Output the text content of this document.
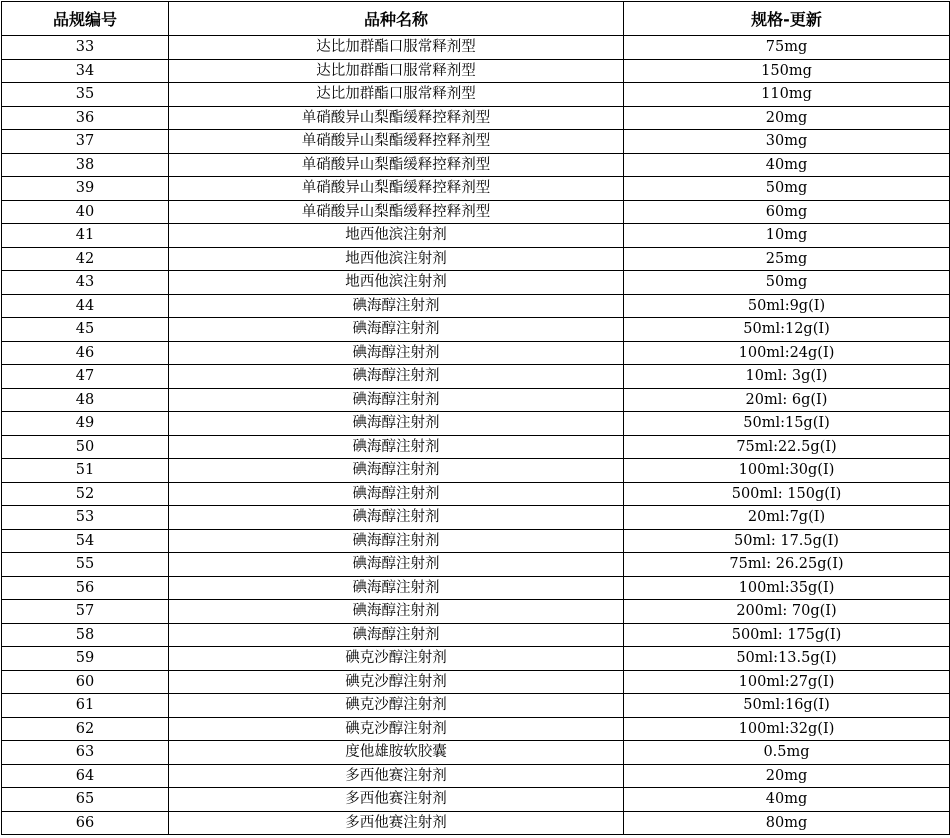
品规编号	品种名称	规格-更新
33	达比加群酯口服常释剂型	75mg
34	达比加群酯口服常释剂型	150mg
35	达比加群酯口服常释剂型	110mg
36	单硝酸异山梨酯缓释控释剂型	20mg
37	单硝酸异山梨酯缓释控释剂型	30mg
38	单硝酸异山梨酯缓释控释剂型	40mg
39	单硝酸异山梨酯缓释控释剂型	50mg
40	单硝酸异山梨酯缓释控释剂型	60mg
41	地西他滨注射剂	10mg
42	地西他滨注射剂	25mg
43	地西他滨注射剂	50mg
44	碘海醇注射剂	50ml:9g(Ⅰ)
45	碘海醇注射剂	50ml:12g(Ⅰ)
46	碘海醇注射剂	100ml:24g(Ⅰ)
47	碘海醇注射剂	10ml: 3g(Ⅰ)
48	碘海醇注射剂	20ml: 6g(Ⅰ)
49	碘海醇注射剂	50ml:15g(Ⅰ)
50	碘海醇注射剂	75ml:22.5g(Ⅰ)
51	碘海醇注射剂	100ml:30g(Ⅰ)
52	碘海醇注射剂	500ml: 150g(Ⅰ)
53	碘海醇注射剂	20ml:7g(Ⅰ)
54	碘海醇注射剂	50ml: 17.5g(Ⅰ)
55	碘海醇注射剂	75ml: 26.25g(Ⅰ)
56	碘海醇注射剂	100ml:35g(Ⅰ)
57	碘海醇注射剂	200ml: 70g(Ⅰ)
58	碘海醇注射剂	500ml: 175g(Ⅰ)
59	碘克沙醇注射剂	50ml:13.5g(Ⅰ)
60	碘克沙醇注射剂	100ml:27g(Ⅰ)
61	碘克沙醇注射剂	50ml:16g(Ⅰ)
62	碘克沙醇注射剂	100ml:32g(Ⅰ)
63	度他雄胺软胶囊	0.5mg
64	多西他赛注射剂	20mg
65	多西他赛注射剂	40mg
66	多西他赛注射剂	80mg
